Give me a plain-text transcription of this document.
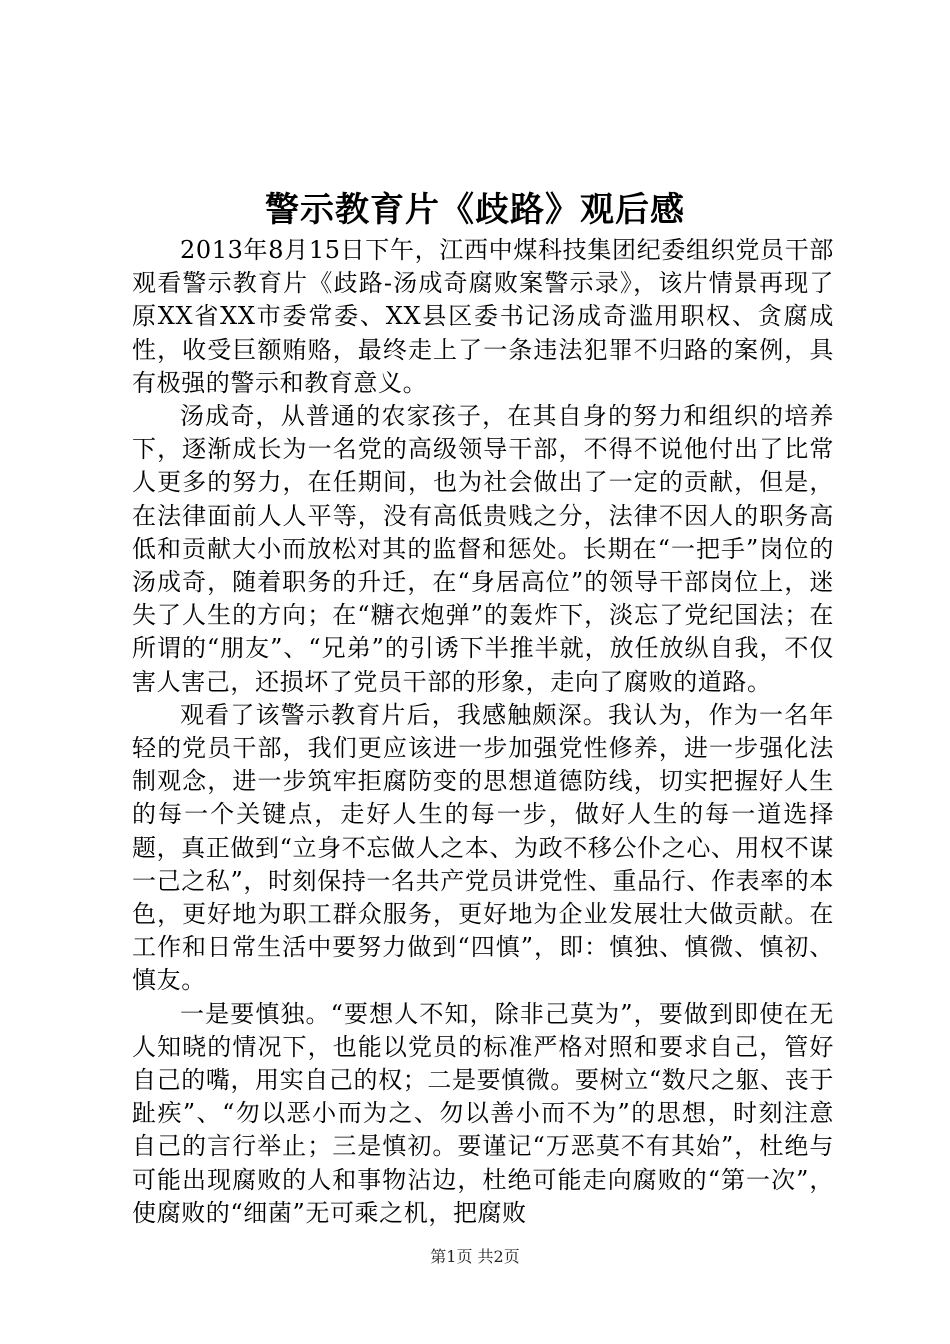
警示教育片《歧路》观后感

2013年8月15日下午，江西中煤科技集团纪委组织党员干部观看警示教育片《歧路-汤成奇腐败案警示录》，该片情景再现了原XX省XX市委常委、XX县区委书记汤成奇滥用职权、贪腐成性，收受巨额贿赂，最终走上了一条违法犯罪不归路的案例，具有极强的警示和教育意义。

汤成奇，从普通的农家孩子，在其自身的努力和组织的培养下，逐渐成长为一名党的高级领导干部，不得不说他付出了比常人更多的努力，在任期间，也为社会做出了一定的贡献，但是，在法律面前人人平等，没有高低贵贱之分，法律不因人的职务高低和贡献大小而放松对其的监督和惩处。长期在“一把手”岗位的汤成奇，随着职务的升迁，在“身居高位”的领导干部岗位上，迷失了人生的方向；在“糖衣炮弹”的轰炸下，淡忘了党纪国法；在所谓的“朋友”、“兄弟”的引诱下半推半就，放任放纵自我，不仅害人害己，还损坏了党员干部的形象，走向了腐败的道路。

观看了该警示教育片后，我感触颇深。我认为，作为一名年轻的党员干部，我们更应该进一步加强党性修养，进一步强化法制观念，进一步筑牢拒腐防变的思想道德防线，切实把握好人生的每一个关键点，走好人生的每一步，做好人生的每一道选择题，真正做到“立身不忘做人之本、为政不移公仆之心、用权不谋一己之私”，时刻保持一名共产党员讲党性、重品行、作表率的本色，更好地为职工群众服务，更好地为企业发展壮大做贡献。在工作和日常生活中要努力做到“四慎”，即：慎独、慎微、慎初、慎友。

一是要慎独。“要想人不知，除非己莫为”，要做到即使在无人知晓的情况下，也能以党员的标准严格对照和要求自己，管好自己的嘴，用实自己的权；二是要慎微。要树立“数尺之躯、丧于趾疾”、“勿以恶小而为之、勿以善小而不为”的思想，时刻注意自己的言行举止；三是慎初。要谨记“万恶莫不有其始”，杜绝与可能出现腐败的人和事物沾边，杜绝可能走向腐败的“第一次”，使腐败的“细菌”无可乘之机，把腐败

第1页 共2页
